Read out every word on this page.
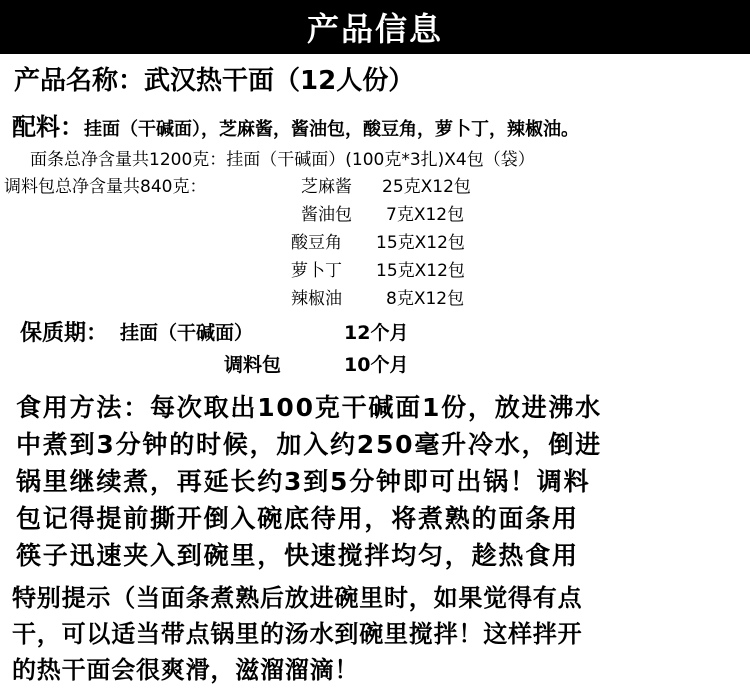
产品信息
产品名称：武汉热干面（12人份）
配料：挂面（干碱面），芝麻酱，酱油包，酸豆角，萝卜丁，辣椒油。
面条总净含量共1200克：挂面（干碱面）(100克*3扎)X4包（袋）
调料包总净含量共840克：	芝麻酱 25克X12包
酱油包 7克X12包
酸豆角 15克X12包
萝卜丁 15克X12包
辣椒油	8克X12包
保质期： 挂面（干碱面）	12个月
调料包	10个月
食用方法：每次取出100克干碱面1份，放进沸水
中煮到3分钟的时候，加入约250毫升冷水，倒进
锅里继续煮，再延长约3到5分钟即可出锅！调料
包记得提前撕开倒入碗底待用，将煮熟的面条用
筷子迅速夹入到碗里，快速搅拌均匀，趁热食用
特别提示（当面条煮熟后放进碗里时，如果觉得有点
干，可以适当带点锅里的汤水到碗里搅拌！这样拌开
的热干面会很爽滑，滋溜溜滴！
